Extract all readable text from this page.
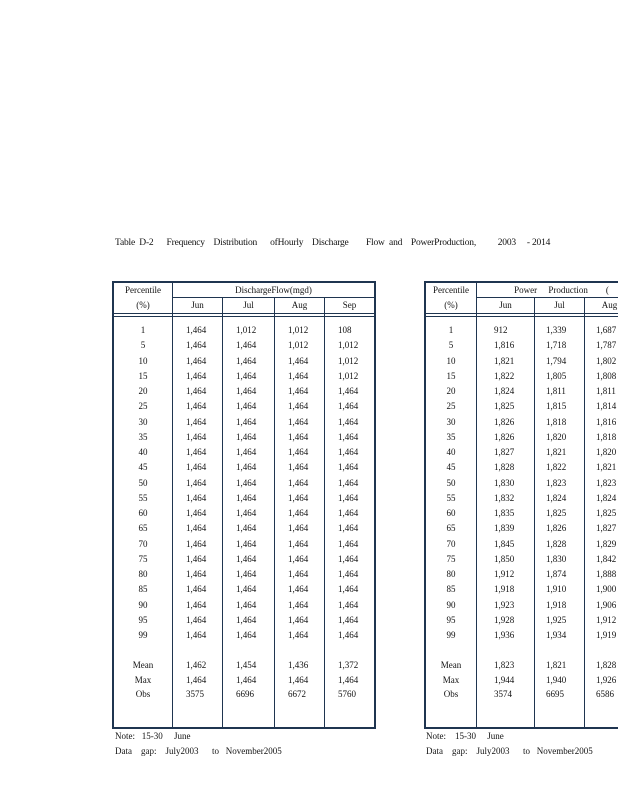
Table  D-2      Frequency    Distribution      ofHourly    Discharge        Flow  and    PowerProduction,          2003     - 2014
Percentile
(%)
DischargeFlow(mgd)
Jun	Jul	Aug	Sep
1	1,464	1,012	1,012	108
5	1,464	1,464	1,012	1,012
10	1,464	1,464	1,464	1,012
15	1,464	1,464	1,464	1,012
20	1,464	1,464	1,464	1,464
25	1,464	1,464	1,464	1,464
30	1,464	1,464	1,464	1,464
35	1,464	1,464	1,464	1,464
40	1,464	1,464	1,464	1,464
45	1,464	1,464	1,464	1,464
50	1,464	1,464	1,464	1,464
55	1,464	1,464	1,464	1,464
60	1,464	1,464	1,464	1,464
65	1,464	1,464	1,464	1,464
70	1,464	1,464	1,464	1,464
75	1,464	1,464	1,464	1,464
80	1,464	1,464	1,464	1,464
85	1,464	1,464	1,464	1,464
90	1,464	1,464	1,464	1,464
95	1,464	1,464	1,464	1,464
99	1,464	1,464	1,464	1,464
Mean	1,462	1,454	1,436	1,372
Max	1,464	1,464	1,464	1,464
Obs	3575	6696	6672	5760
Note:   15-30     June
Data    gap:    July2003      to   November2005
Percentile
(%)
Power     Production        (
Jun	Jul	Aug
1	912	1,339	1,687
5	1,816	1,718	1,787
10	1,821	1,794	1,802
15	1,822	1,805	1,808
20	1,824	1,811	1,811
25	1,825	1,815	1,814
30	1,826	1,818	1,816
35	1,826	1,820	1,818
40	1,827	1,821	1,820
45	1,828	1,822	1,821
50	1,830	1,823	1,823
55	1,832	1,824	1,824
60	1,835	1,825	1,825
65	1,839	1,826	1,827
70	1,845	1,828	1,829
75	1,850	1,830	1,842
80	1,912	1,874	1,888
85	1,918	1,910	1,900
90	1,923	1,918	1,906
95	1,928	1,925	1,912
99	1,936	1,934	1,919
Mean	1,823	1,821	1,828
Max	1,944	1,940	1,926
Obs	3574	6695	6586
Note:    15-30     June
Data    gap:    July2003      to   November2005
